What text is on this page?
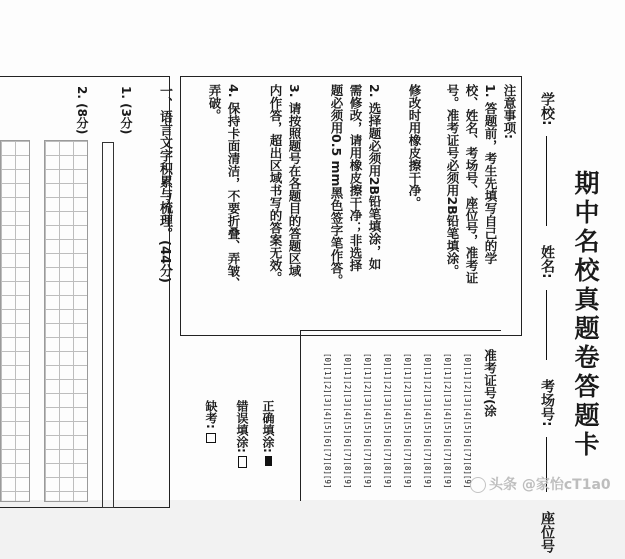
期中名校真题卷答题卡
学校:  姓名:  考场号:  座位号
注意事项:
1. 答题前，考生先填写自己的学
校、姓名、考场号、座位号，准考证
号。准考证号必须用2B铅笔填涂。
修改时用橡皮擦干净。
2. 选择题必须用2B铅笔填涂，如
需修改，请用橡皮擦干净；非选择
题必须用0.5 mm黑色签字笔作答。
3. 请按照题号在各题目的答题区域
内作答，超出区域书写的答案无效。
4. 保持卡面清洁，不要折叠、弄皱、
弄破。
准考证号(涂
[0][1][2][3][4][5][6][7][8][9]
[0][1][2][3][4][5][6][7][8][9]
[0][1][2][3][4][5][6][7][8][9]
[0][1][2][3][4][5][6][7][8][9]
[0][1][2][3][4][5][6][7][8][9]
[0][1][2][3][4][5][6][7][8][9]
[0][1][2][3][4][5][6][7][8][9]
[0][1][2][3][4][5][6][7][8][9]
正确填涂:
错误填涂:
缺考:
一、语言文字积累与梳理。(44分)
1. (3分)
2. (8分)
头条 @家怡cT1a0
